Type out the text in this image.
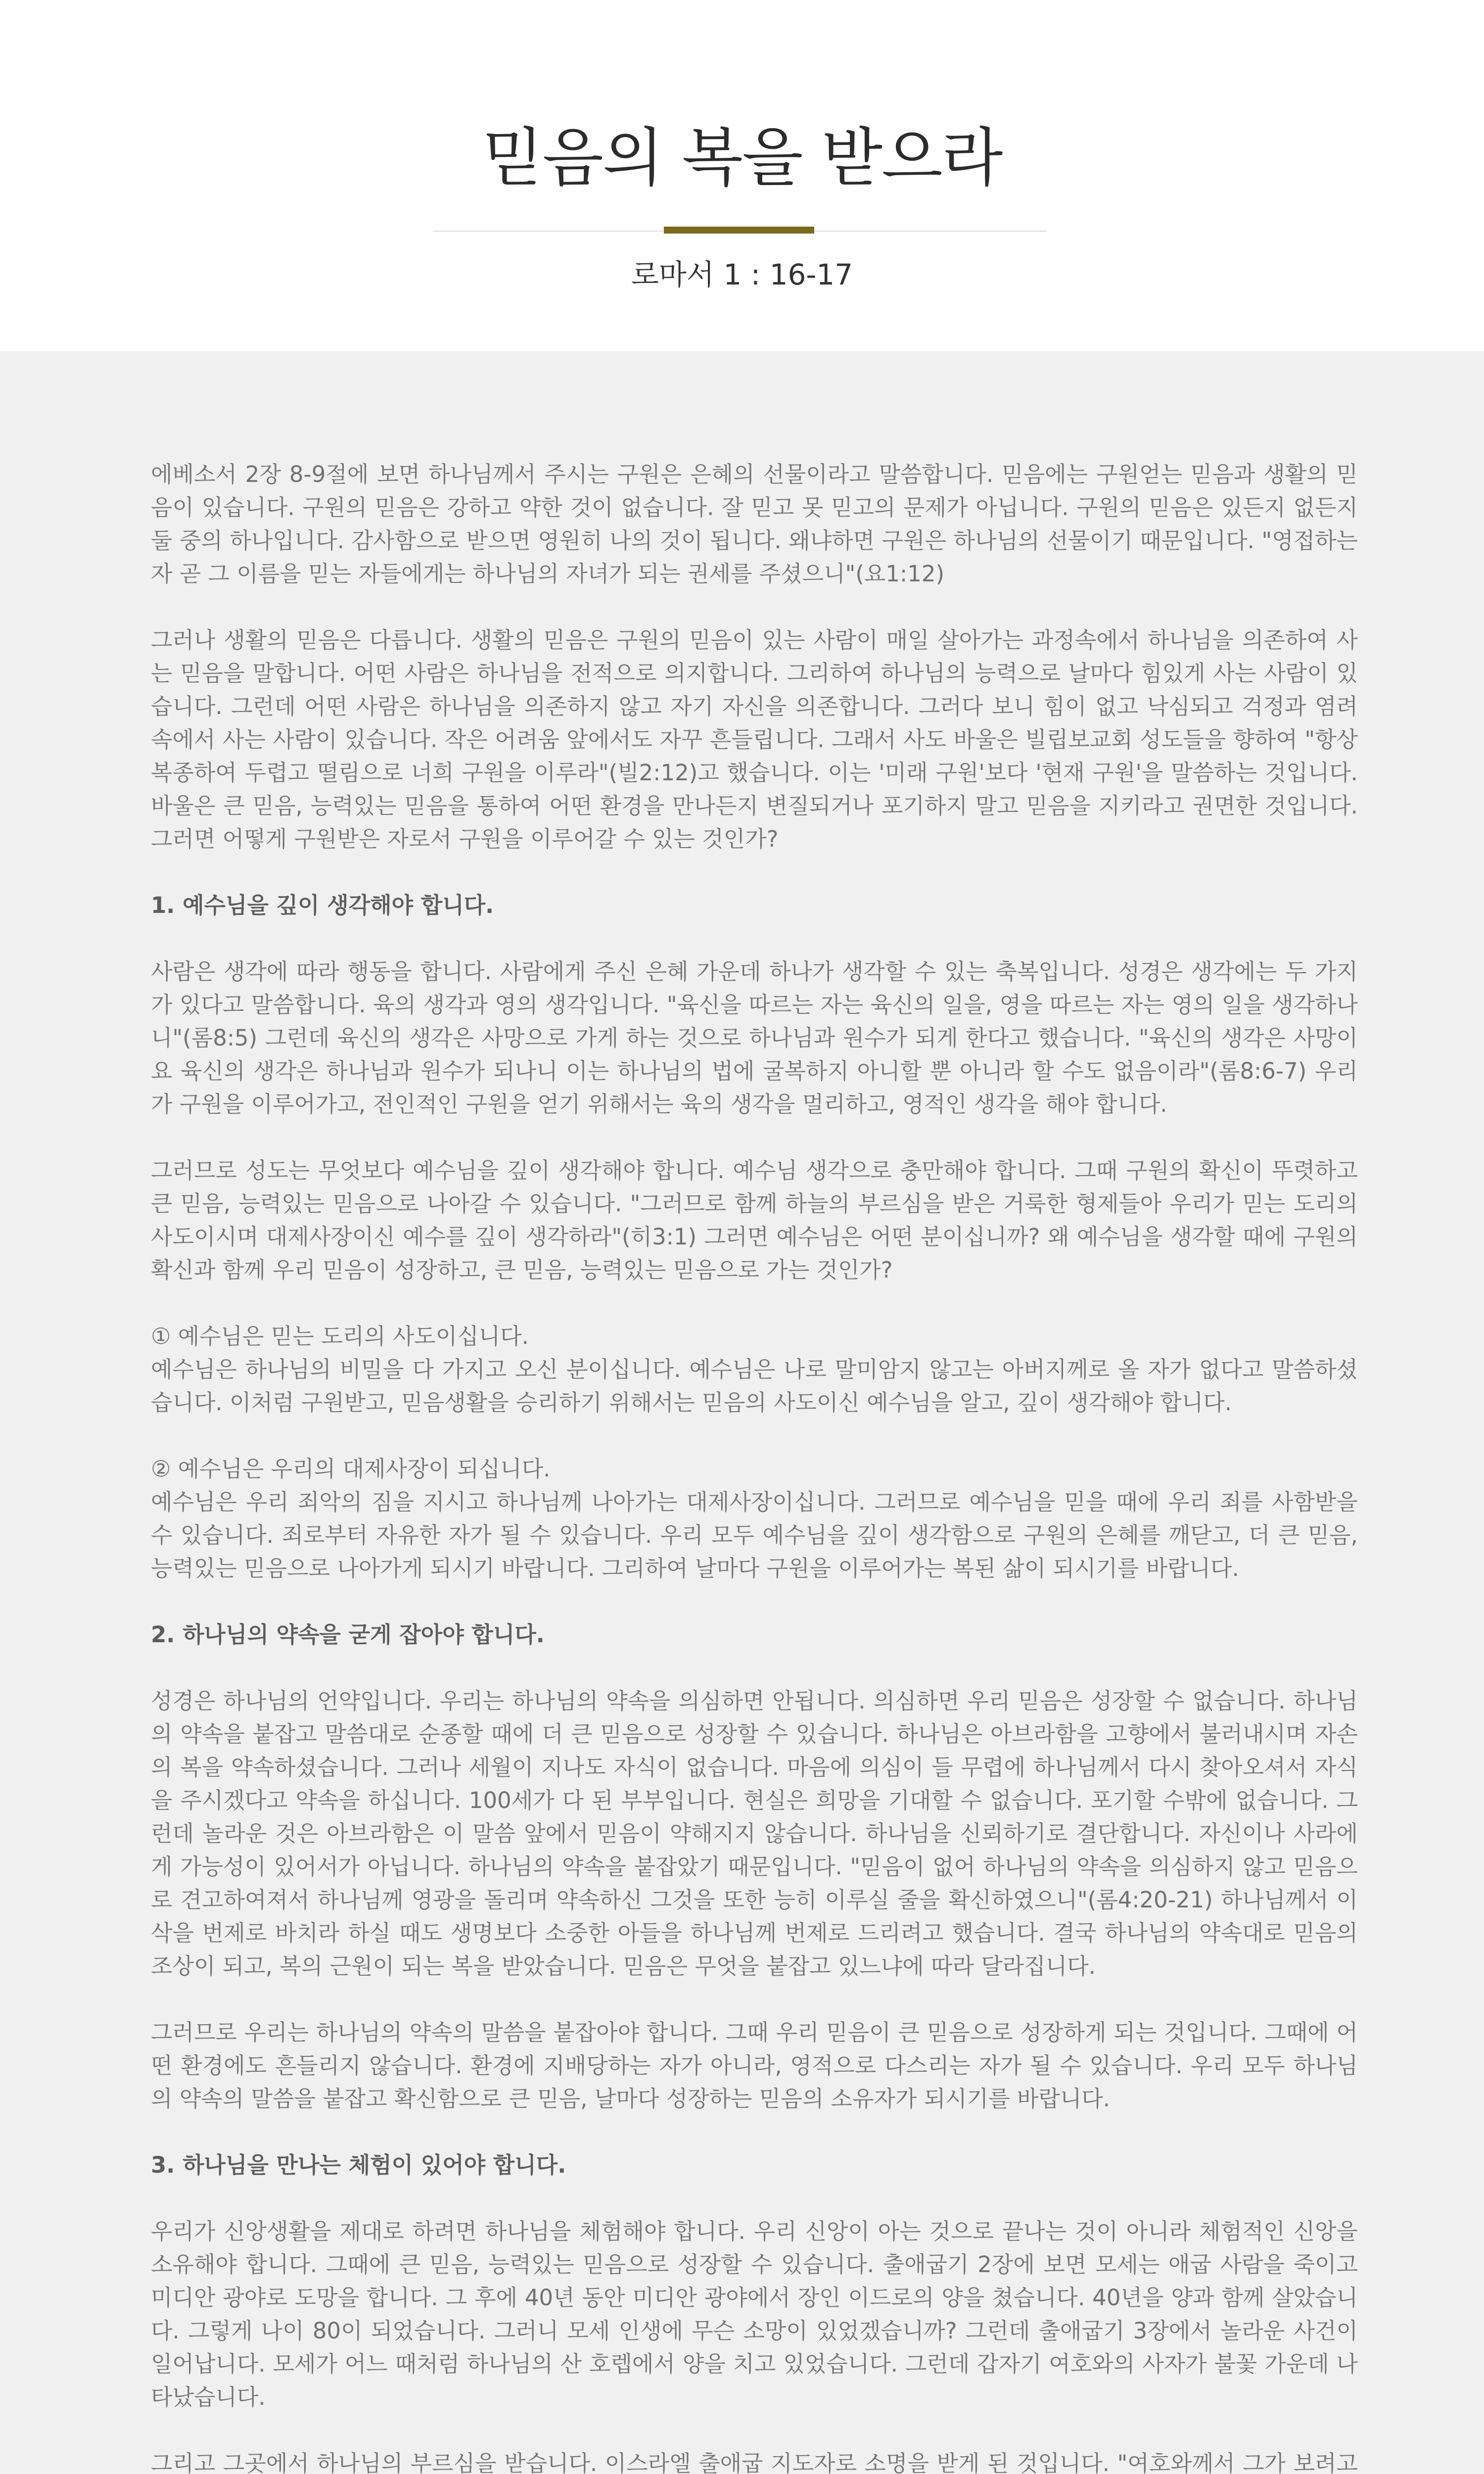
믿음의 복을 받으라
로마서 1 : 16-17

에베소서 2장 8-9절에 보면 하나님께서 주시는 구원은 은혜의 선물이라고 말씀합니다. 믿음에는 구원얻는 믿음과 생활의 믿음이 있습니다. 구원의 믿음은 강하고 약한 것이 없습니다. 잘 믿고 못 믿고의 문제가 아닙니다. 구원의 믿음은 있든지 없든지 둘 중의 하나입니다. 감사함으로 받으면 영원히 나의 것이 됩니다. 왜냐하면 구원은 하나님의 선물이기 때문입니다. "영접하는 자 곧 그 이름을 믿는 자들에게는 하나님의 자녀가 되는 권세를 주셨으니"(요1:12)

그러나 생활의 믿음은 다릅니다. 생활의 믿음은 구원의 믿음이 있는 사람이 매일 살아가는 과정속에서 하나님을 의존하여 사는 믿음을 말합니다. 어떤 사람은 하나님을 전적으로 의지합니다. 그리하여 하나님의 능력으로 날마다 힘있게 사는 사람이 있습니다. 그런데 어떤 사람은 하나님을 의존하지 않고 자기 자신을 의존합니다. 그러다 보니 힘이 없고 낙심되고 걱정과 염려 속에서 사는 사람이 있습니다. 작은 어려움 앞에서도 자꾸 흔들립니다. 그래서 사도 바울은 빌립보교회 성도들을 향하여 "항상 복종하여 두렵고 떨림으로 너희 구원을 이루라"(빌2:12)고 했습니다. 이는 '미래 구원'보다 '현재 구원'을 말씀하는 것입니다. 바울은 큰 믿음, 능력있는 믿음을 통하여 어떤 환경을 만나든지 변질되거나 포기하지 말고 믿음을 지키라고 권면한 것입니다. 그러면 어떻게 구원받은 자로서 구원을 이루어갈 수 있는 것인가?

1. 예수님을 깊이 생각해야 합니다.

사람은 생각에 따라 행동을 합니다. 사람에게 주신 은혜 가운데 하나가 생각할 수 있는 축복입니다. 성경은 생각에는 두 가지가 있다고 말씀합니다. 육의 생각과 영의 생각입니다. "육신을 따르는 자는 육신의 일을, 영을 따르는 자는 영의 일을 생각하나니"(롬8:5) 그런데 육신의 생각은 사망으로 가게 하는 것으로 하나님과 원수가 되게 한다고 했습니다. "육신의 생각은 사망이요 육신의 생각은 하나님과 원수가 되나니 이는 하나님의 법에 굴복하지 아니할 뿐 아니라 할 수도 없음이라"(롬8:6-7) 우리가 구원을 이루어가고, 전인적인 구원을 얻기 위해서는 육의 생각을 멀리하고, 영적인 생각을 해야 합니다.

그러므로 성도는 무엇보다 예수님을 깊이 생각해야 합니다. 예수님 생각으로 충만해야 합니다. 그때 구원의 확신이 뚜렷하고 큰 믿음, 능력있는 믿음으로 나아갈 수 있습니다. "그러므로 함께 하늘의 부르심을 받은 거룩한 형제들아 우리가 믿는 도리의 사도이시며 대제사장이신 예수를 깊이 생각하라"(히3:1) 그러면 예수님은 어떤 분이십니까? 왜 예수님을 생각할 때에 구원의 확신과 함께 우리 믿음이 성장하고, 큰 믿음, 능력있는 믿음으로 가는 것인가?

① 예수님은 믿는 도리의 사도이십니다.
예수님은 하나님의 비밀을 다 가지고 오신 분이십니다. 예수님은 나로 말미암지 않고는 아버지께로 올 자가 없다고 말씀하셨습니다. 이처럼 구원받고, 믿음생활을 승리하기 위해서는 믿음의 사도이신 예수님을 알고, 깊이 생각해야 합니다.

② 예수님은 우리의 대제사장이 되십니다.
예수님은 우리 죄악의 짐을 지시고 하나님께 나아가는 대제사장이십니다. 그러므로 예수님을 믿을 때에 우리 죄를 사함받을 수 있습니다. 죄로부터 자유한 자가 될 수 있습니다. 우리 모두 예수님을 깊이 생각함으로 구원의 은혜를 깨닫고, 더 큰 믿음, 능력있는 믿음으로 나아가게 되시기 바랍니다. 그리하여 날마다 구원을 이루어가는 복된 삶이 되시기를 바랍니다.

2. 하나님의 약속을 굳게 잡아야 합니다.

성경은 하나님의 언약입니다. 우리는 하나님의 약속을 의심하면 안됩니다. 의심하면 우리 믿음은 성장할 수 없습니다. 하나님의 약속을 붙잡고 말씀대로 순종할 때에 더 큰 믿음으로 성장할 수 있습니다. 하나님은 아브라함을 고향에서 불러내시며 자손의 복을 약속하셨습니다. 그러나 세월이 지나도 자식이 없습니다. 마음에 의심이 들 무렵에 하나님께서 다시 찾아오셔서 자식을 주시겠다고 약속을 하십니다. 100세가 다 된 부부입니다. 현실은 희망을 기대할 수 없습니다. 포기할 수밖에 없습니다. 그런데 놀라운 것은 아브라함은 이 말씀 앞에서 믿음이 약해지지 않습니다. 하나님을 신뢰하기로 결단합니다. 자신이나 사라에게 가능성이 있어서가 아닙니다. 하나님의 약속을 붙잡았기 때문입니다. "믿음이 없어 하나님의 약속을 의심하지 않고 믿음으로 견고하여져서 하나님께 영광을 돌리며 약속하신 그것을 또한 능히 이루실 줄을 확신하였으니"(롬4:20-21) 하나님께서 이삭을 번제로 바치라 하실 때도 생명보다 소중한 아들을 하나님께 번제로 드리려고 했습니다. 결국 하나님의 약속대로 믿음의 조상이 되고, 복의 근원이 되는 복을 받았습니다. 믿음은 무엇을 붙잡고 있느냐에 따라 달라집니다.

그러므로 우리는 하나님의 약속의 말씀을 붙잡아야 합니다. 그때 우리 믿음이 큰 믿음으로 성장하게 되는 것입니다. 그때에 어떤 환경에도 흔들리지 않습니다. 환경에 지배당하는 자가 아니라, 영적으로 다스리는 자가 될 수 있습니다. 우리 모두 하나님의 약속의 말씀을 붙잡고 확신함으로 큰 믿음, 날마다 성장하는 믿음의 소유자가 되시기를 바랍니다.

3. 하나님을 만나는 체험이 있어야 합니다.

우리가 신앙생활을 제대로 하려면 하나님을 체험해야 합니다. 우리 신앙이 아는 것으로 끝나는 것이 아니라 체험적인 신앙을 소유해야 합니다. 그때에 큰 믿음, 능력있는 믿음으로 성장할 수 있습니다. 출애굽기 2장에 보면 모세는 애굽 사람을 죽이고 미디안 광야로 도망을 합니다. 그 후에 40년 동안 미디안 광야에서 장인 이드로의 양을 쳤습니다. 40년을 양과 함께 살았습니다. 그렇게 나이 80이 되었습니다. 그러니 모세 인생에 무슨 소망이 있었겠습니까? 그런데 출애굽기 3장에서 놀라운 사건이 일어납니다. 모세가 어느 때처럼 하나님의 산 호렙에서 양을 치고 있었습니다. 그런데 갑자기 여호와의 사자가 불꽃 가운데 나타났습니다.

그리고 그곳에서 하나님의 부르심을 받습니다. 이스라엘 출애굽 지도자로 소명을 받게 된 것입니다. "여호와께서 그가 보려고
